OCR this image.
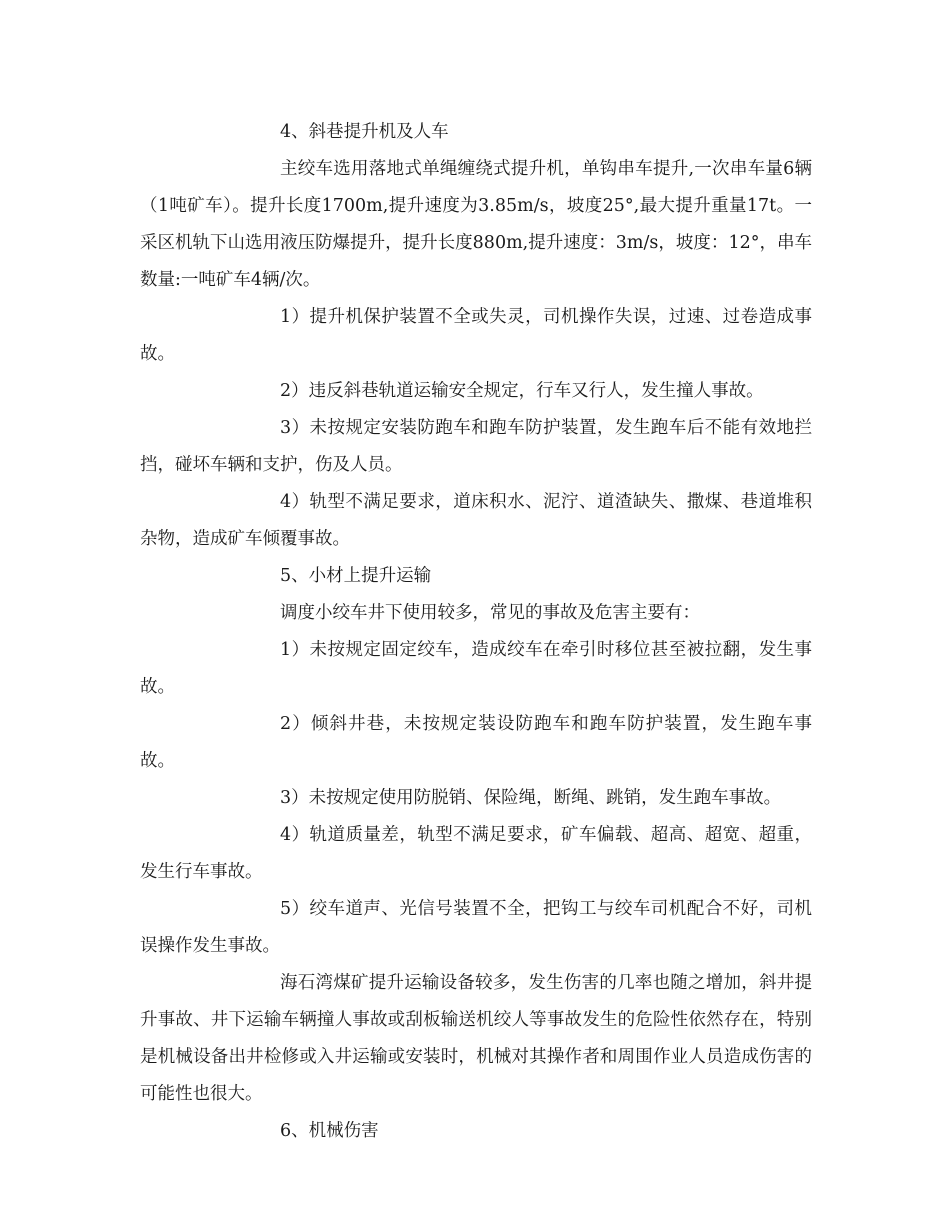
4、斜巷提升机及人车

主绞车选用落地式单绳缠绕式提升机，单钩串车提升,一次串车量6辆（1吨矿车）。提升长度1700m,提升速度为3.85m/s，坡度25°,最大提升重量17t。一采区机轨下山选用液压防爆提升，提升长度880m,提升速度：3m/s，坡度：12°，串车数量:一吨矿车4辆/次。

1）提升机保护装置不全或失灵，司机操作失误，过速、过卷造成事故。

2）违反斜巷轨道运输安全规定，行车又行人，发生撞人事故。

3）未按规定安装防跑车和跑车防护装置，发生跑车后不能有效地拦挡，碰坏车辆和支护，伤及人员。

4）轨型不满足要求，道床积水、泥泞、道渣缺失、撒煤、巷道堆积杂物，造成矿车倾覆事故。

5、小材上提升运输

调度小绞车井下使用较多，常见的事故及危害主要有：

1）未按规定固定绞车，造成绞车在牵引时移位甚至被拉翻，发生事故。

2）倾斜井巷，未按规定装设防跑车和跑车防护装置，发生跑车事故。

3）未按规定使用防脱销、保险绳，断绳、跳销，发生跑车事故。

4）轨道质量差，轨型不满足要求，矿车偏载、超高、超宽、超重，发生行车事故。

5）绞车道声、光信号装置不全，把钩工与绞车司机配合不好，司机误操作发生事故。

海石湾煤矿提升运输设备较多，发生伤害的几率也随之增加，斜井提升事故、井下运输车辆撞人事故或刮板输送机绞人等事故发生的危险性依然存在，特别是机械设备出井检修或入井运输或安装时，机械对其操作者和周围作业人员造成伤害的可能性也很大。

6、机械伤害
